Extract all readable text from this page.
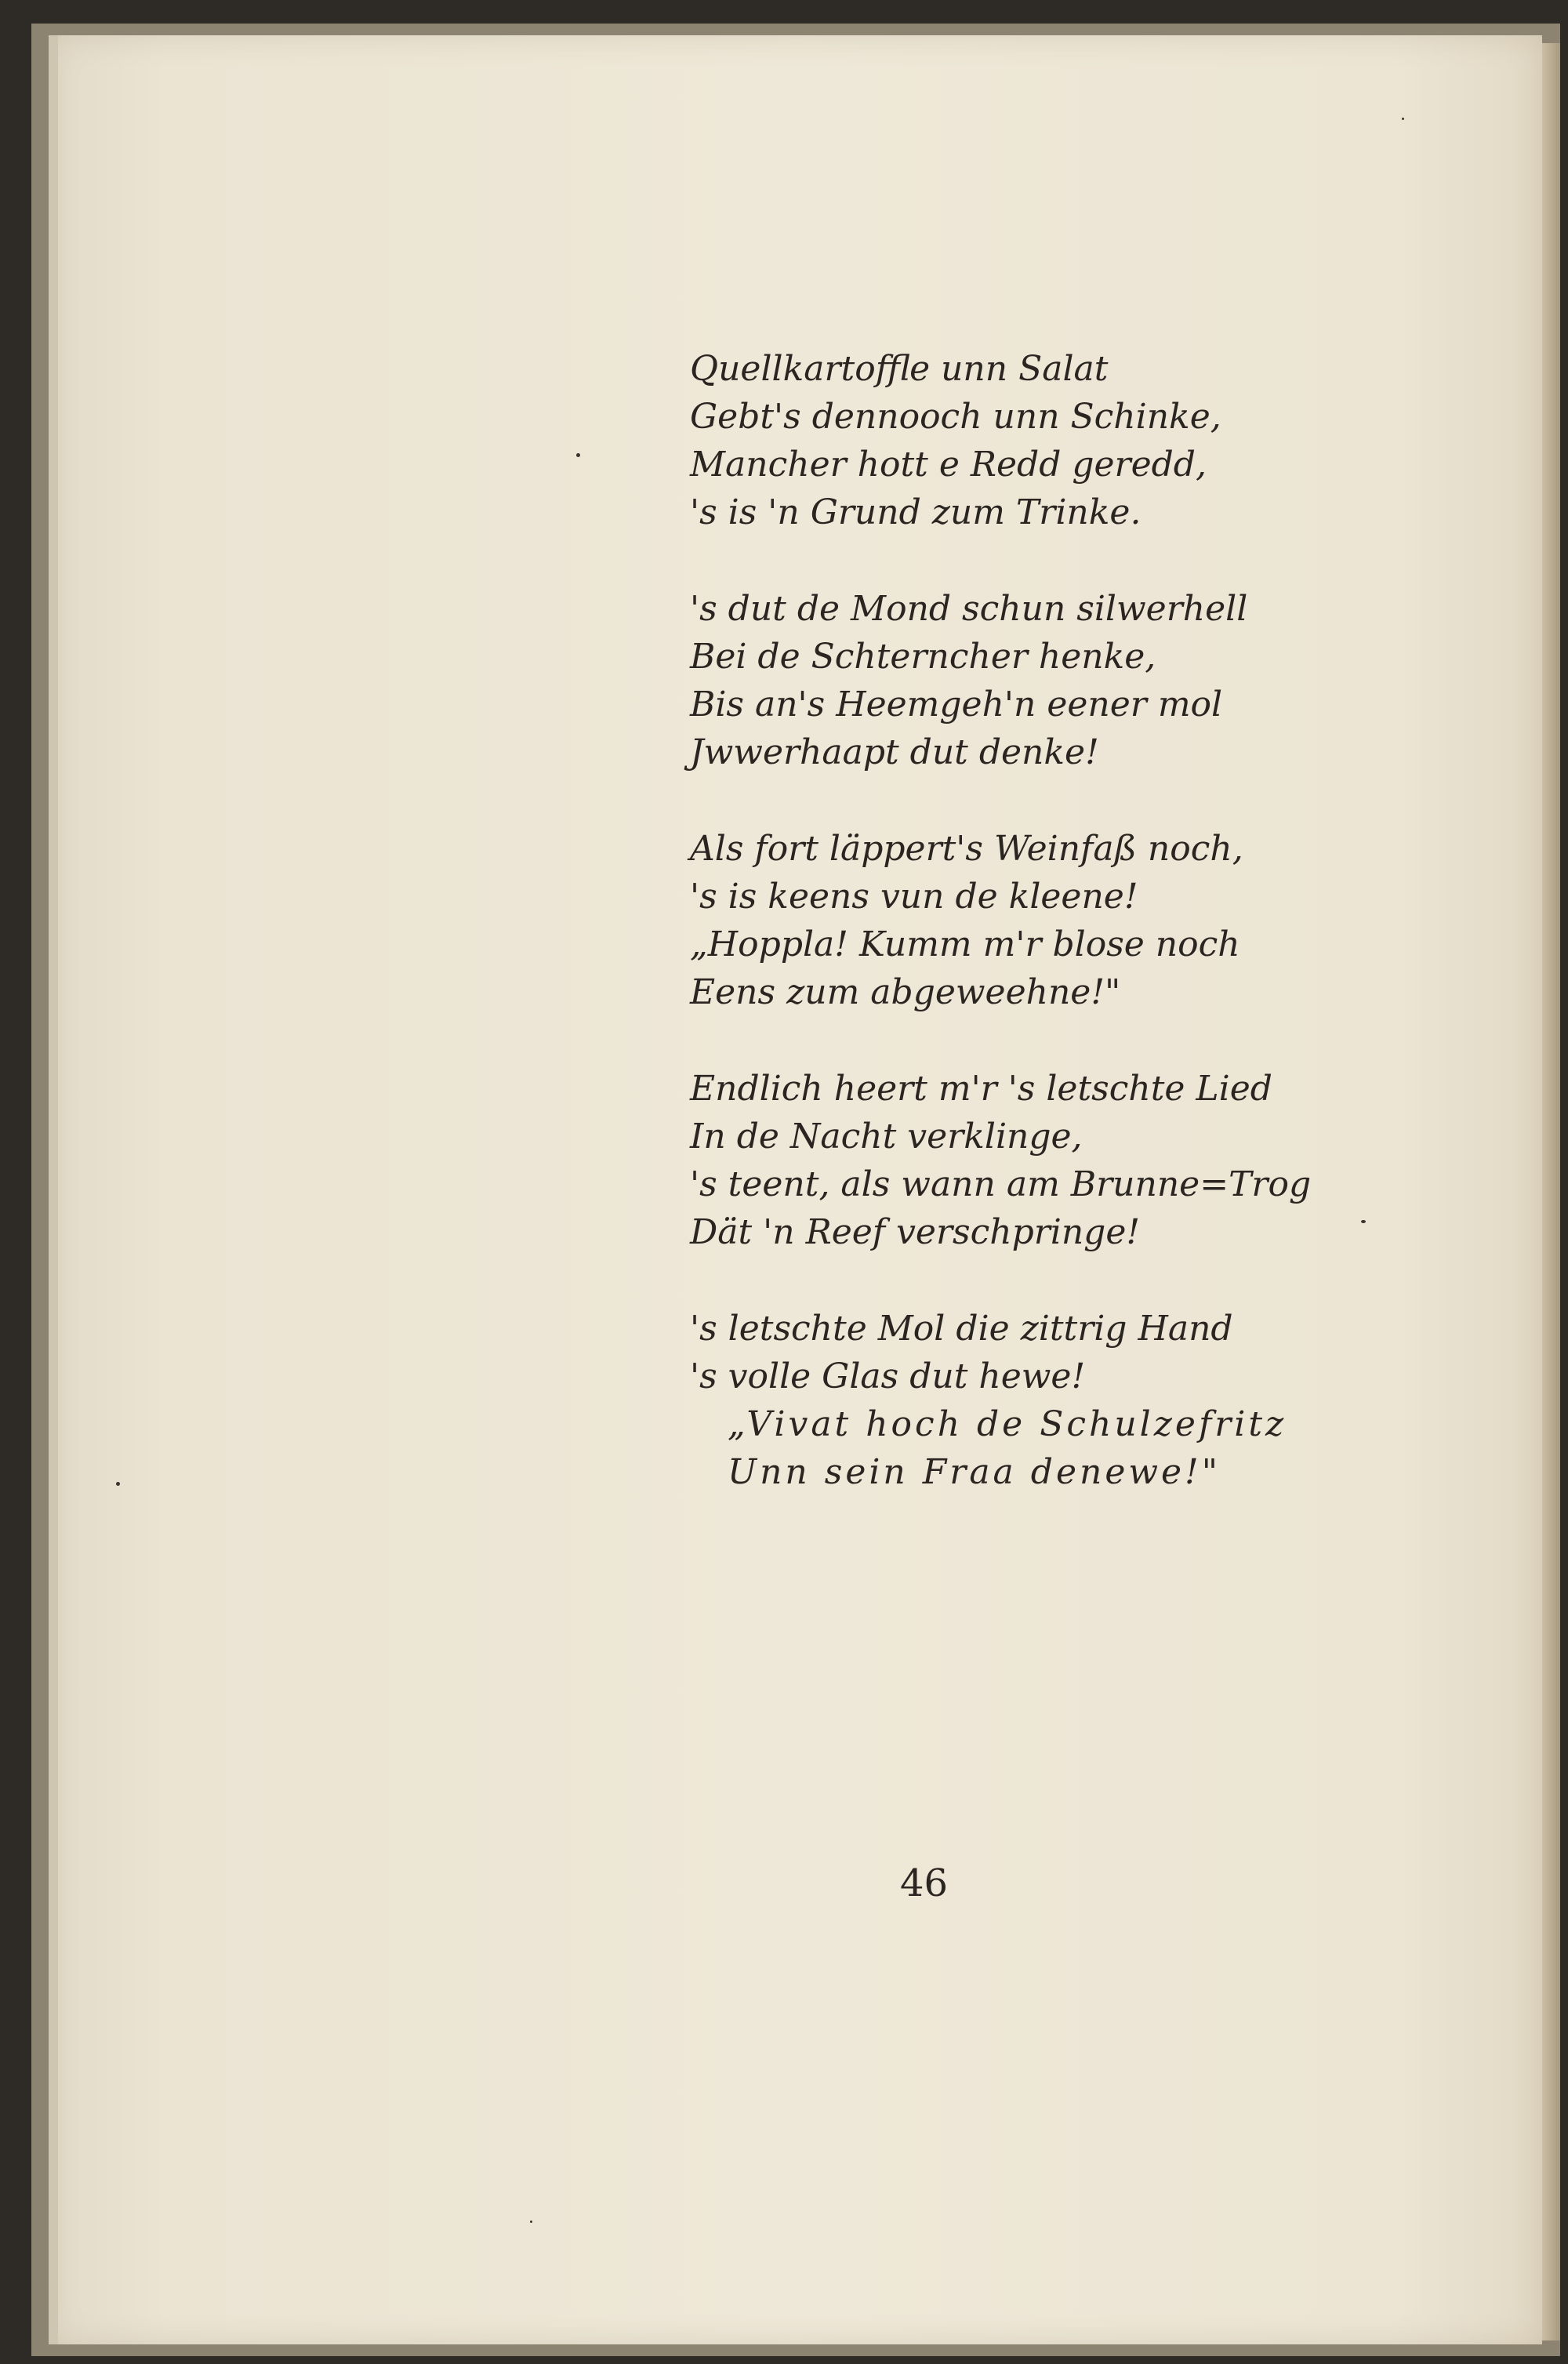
Quellkartoffle unn Salat
Gebt's dennooch unn Schinke,
Mancher hott e Redd geredd,
's is 'n Grund zum Trinke.
's dut de Mond schun silwerhell
Bei de Schterncher henke,
Bis an's Heemgeh'n eener mol
Jwwerhaapt dut denke!
Als fort läppert's Weinfaß noch,
's is keens vun de kleene!
„Hoppla! Kumm m'r blose noch
Eens zum abgeweehne!"
Endlich heert m'r 's letschte Lied
In de Nacht verklinge,
's teent, als wann am Brunne=Trog
Dät 'n Reef verschpringe!
's letschte Mol die zittrig Hand
's volle Glas dut hewe!
„Vivat hoch de Schulzefritz
Unn sein Fraa denewe!"
46
